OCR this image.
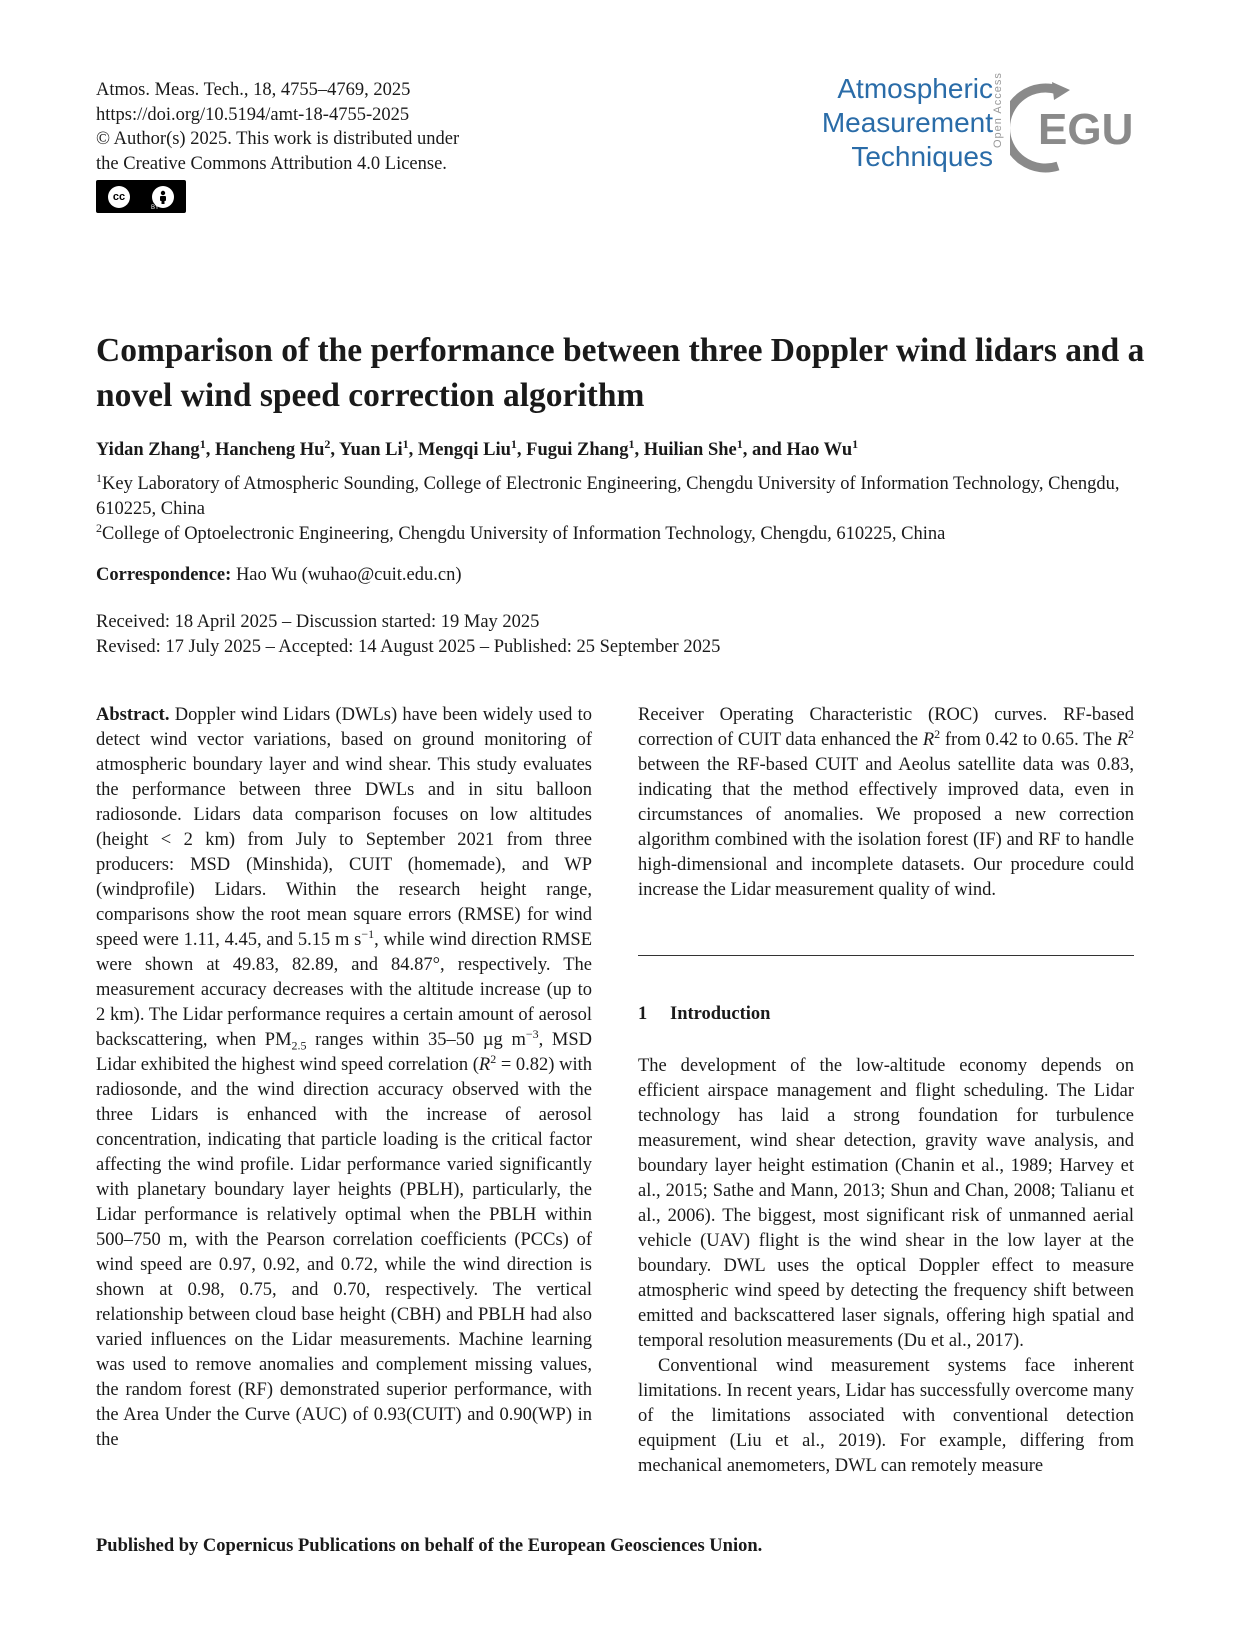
Atmos. Meas. Tech., 18, 4755–4769, 2025
https://doi.org/10.5194/amt-18-4755-2025
© Author(s) 2025. This work is distributed under
the Creative Commons Attribution 4.0 License.
cc
BY
Atmospheric
Measurement
Techniques
Open Access EGU
Comparison of the performance between three Doppler wind lidars and a novel wind speed correction algorithm
Yidan Zhang$^1$, Hancheng Hu$^2$, Yuan Li$^1$, Mengqi Liu$^1$, Fugui Zhang$^1$, Huilian She$^1$, and Hao Wu$^1$
$^1$Key Laboratory of Atmospheric Sounding, College of Electronic Engineering, Chengdu University of Information Technology, Chengdu, 610225, China
$^2$College of Optoelectronic Engineering, Chengdu University of Information Technology, Chengdu, 610225, China
Correspondence: Hao Wu (wuhao@cuit.edu.cn)
Received: 18 April 2025 – Discussion started: 19 May 2025
Revised: 17 July 2025 – Accepted: 14 August 2025 – Published: 25 September 2025

Abstract. Doppler wind Lidars (DWLs) have been widely used to detect wind vector variations, based on ground monitoring of atmospheric boundary layer and wind shear. This study evaluates the performance between three DWLs and in situ balloon radiosonde. Lidars data comparison focuses on low altitudes (height < 2 km) from July to September 2021 from three producers: MSD (Minshida), CUIT (homemade), and WP (windprofile) Lidars. Within the research height range, comparisons show the root mean square errors (RMSE) for wind speed were 1.11, 4.45, and 5.15 m $s^{-1}$, while wind direction RMSE were shown at 49.83, 82.89, and 84.87°, respectively. The measurement accuracy decreases with the altitude increase (up to 2 km). The Lidar performance requires a certain amount of aerosol backscattering, when $PM_{2.5}$ ranges within 35–50 µg $m^{-3}$, MSD Lidar exhibited the highest wind speed correlation $(R^2 = 0.82)$ with radiosonde, and the wind direction accuracy observed with the three Lidars is enhanced with the increase of aerosol concentration, indicating that particle loading is the critical factor affecting the wind profile. Lidar performance varied significantly with planetary boundary layer heights (PBLH), particularly, the Lidar performance is relatively optimal when the PBLH within 500–750 m, with the Pearson correlation coefficients (PCCs) of wind speed are 0.97, 0.92, and 0.72, while the wind direction is shown at 0.98, 0.75, and 0.70, respectively. The vertical relationship between cloud base height (CBH) and PBLH had also varied influences on the Lidar measurements. Machine learning was used to remove anomalies and complement missing values, the random forest (RF) demonstrated superior performance, with the Area Under the Curve (AUC) of 0.93(CUIT) and 0.90(WP) in the

Receiver Operating Characteristic (ROC) curves. RF-based correction of CUIT data enhanced the $R^2$ from 0.42 to 0.65. The $R^2$ between the RF-based CUIT and Aeolus satellite data was 0.83, indicating that the method effectively improved data, even in circumstances of anomalies. We proposed a new correction algorithm combined with the isolation forest (IF) and RF to handle high-dimensional and incomplete datasets. Our procedure could increase the Lidar measurement quality of wind.

1 Introduction

The development of the low-altitude economy depends on efficient airspace management and flight scheduling. The Lidar technology has laid a strong foundation for turbulence measurement, wind shear detection, gravity wave analysis, and boundary layer height estimation (Chanin et al., 1989; Harvey et al., 2015; Sathe and Mann, 2013; Shun and Chan, 2008; Talianu et al., 2006). The biggest, most significant risk of unmanned aerial vehicle (UAV) flight is the wind shear in the low layer at the boundary. DWL uses the optical Doppler effect to measure atmospheric wind speed by detecting the frequency shift between emitted and backscattered laser signals, offering high spatial and temporal resolution measurements (Du et al., 2017).

Conventional wind measurement systems face inherent limitations. In recent years, Lidar has successfully overcome many of the limitations associated with conventional detection equipment (Liu et al., 2019). For example, differing from mechanical anemometers, DWL can remotely measure

Published by Copernicus Publications on behalf of the European Geosciences Union.
